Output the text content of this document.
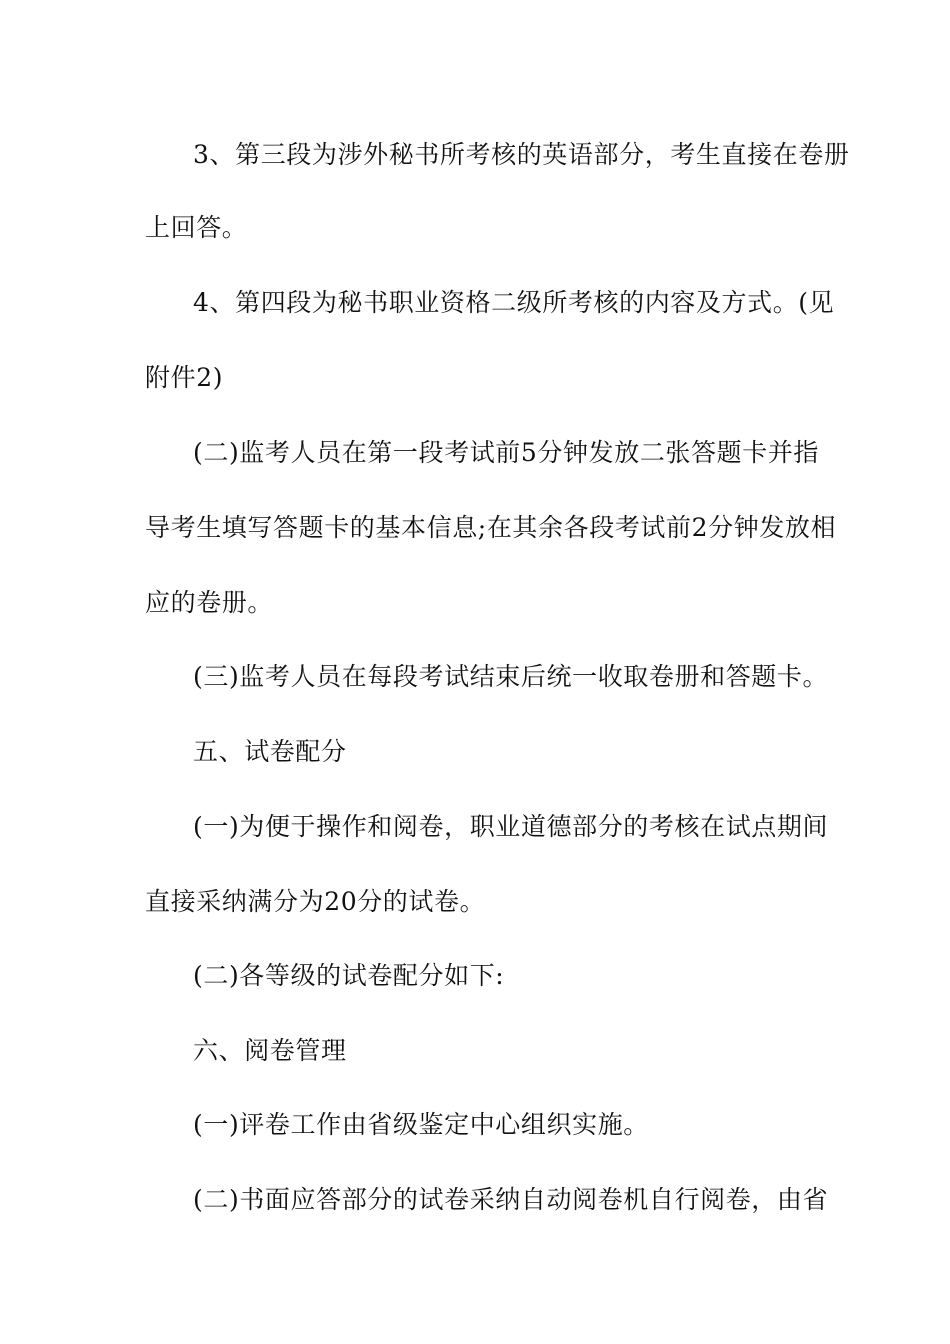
3、第三段为涉外秘书所考核的英语部分，考生直接在卷册
上回答。
4、第四段为秘书职业资格二级所考核的内容及方式。(见
附件2)
(二)监考人员在第一段考试前5分钟发放二张答题卡并指
导考生填写答题卡的基本信息;在其余各段考试前2分钟发放相
应的卷册。
(三)监考人员在每段考试结束后统一收取卷册和答题卡。
五、试卷配分
(一)为便于操作和阅卷，职业道德部分的考核在试点期间
直接采纳满分为20分的试卷。
(二)各等级的试卷配分如下:
六、阅卷管理
(一)评卷工作由省级鉴定中心组织实施。
(二)书面应答部分的试卷采纳自动阅卷机自行阅卷，由省
